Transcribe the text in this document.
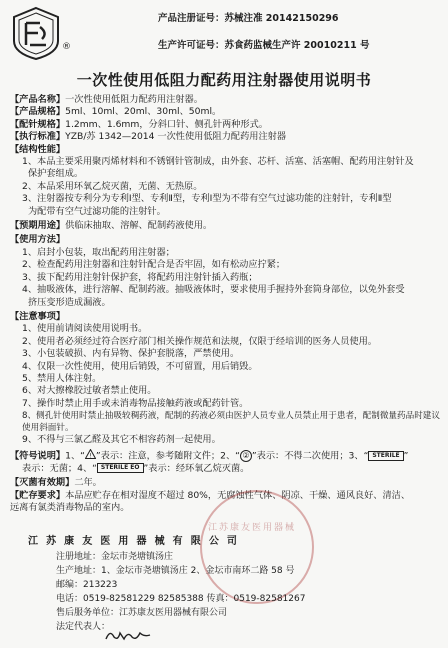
®
产品注册证号：苏械注准 20142150296
生产许可证号：苏食药监械生产许 20010211 号
一次性使用低阻力配药用注射器使用说明书
【产品名称】一次性使用低阻力配药用注射器。
【产品规格】5ml、10ml、20ml、30ml、50ml。
【配针规格】1.2mm、1.6mm，分斜口针、侧孔针两种形式。
【执行标准】YZB/苏 1342—2014 一次性使用低阻力配药用注射器
【结构性能】
1、本品主要采用聚丙烯材料和不锈钢针管制成，由外套、芯杆、活塞、活塞帽、配药用注射针及
保护套组成。
2、本品采用环氧乙烷灭菌，无菌、无热原。
3、注射器按专利分为专利Ⅰ型、专利Ⅱ型，专利Ⅰ型为不带有空气过滤功能的注射针，专利Ⅱ型
为配带有空气过滤功能的注射针。
【预期用途】供临床抽取、溶解、配制药液使用。
【使用方法】
1、启封小包装，取出配药用注射器；
2、检查配药用注射器和注射针配合是否牢固，如有松动应拧紧；
3、拔下配药用注射针保护套，将配药用注射针插入药瓶；
4、抽吸液体，进行溶解、配制药液。抽吸液体时，要求使用手握持外套筒身部位，以免外套受
挤压变形造成漏液。
【注意事项】
1、使用前请阅读使用说明书。
2、使用者必须经过符合医疗部门相关操作规范和法规，仅限于经培训的医务人员使用。
3、小包装破损、内有异物、保护套脱落，严禁使用。
4、仅限一次性使用，使用后销毁，不可留置，用后销毁。
5、禁用人体注射。
6、对大擦橡胶过敏者禁止使用。
7、操作时禁止用手或未消毒物品接触药液或配药针管。
8、侧孔针使用时禁止抽吸较稠药液，配制的药液必须由医护人员专业人员禁止用于患者，配制微量药品时建议使用斜面针。
9、不得与三氯乙醛及其它不相容药剂一起使用。
【符号说明】1、“ ! ”表示：注意，参考随附文件；2、“ ② ”表示：不得二次使用；3、“ STERILE ”
表示：无菌；4、“ STERILE EO ”表示：经环氧乙烷灭菌。
【灭菌有效期】二年。
【贮存要求】本品应贮存在相对湿度不超过 80%，无腐蚀性气体、阴凉、干燥、通风良好、清洁、
远离有氯类消毒物品的室内。
江苏康友医用器械
江 苏 康 友 医 用 器 械 有 限 公 司
注册地址：金坛市尧塘镇汤庄
生产地址：1、金坛市尧塘镇汤庄 2、金坛市南环二路 58 号
邮编：213223
电话：0519-82581229 82585388 传真：0519-82581267
售后服务单位：江苏康友医用器械有限公司
法定代表人：
